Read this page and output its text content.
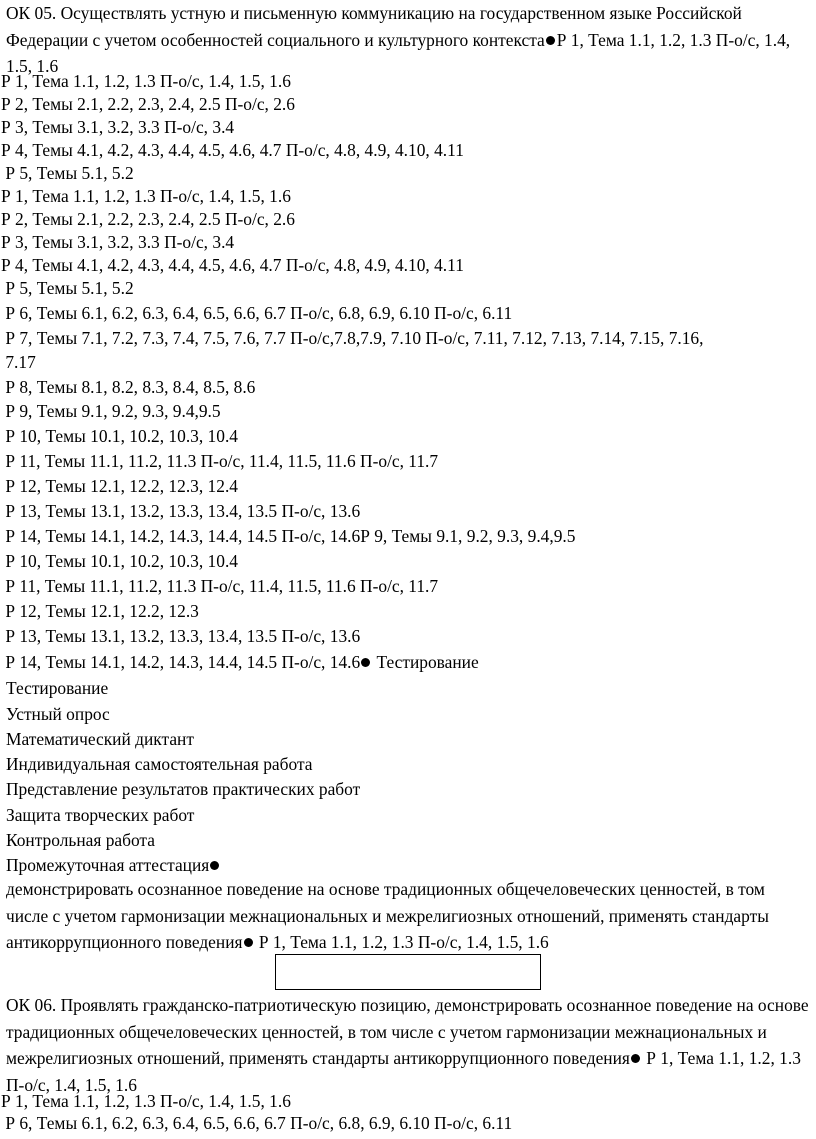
ОК 05. Осуществлять устную и письменную коммуникацию на государственном языке Российской Федерации с учетом особенностей социального и культурного контекста Р 1, Тема 1.1, 1.2, 1.3 П-о/с, 1.4, 1.5, 1.6
Р 1, Тема 1.1, 1.2, 1.3 П-о/с, 1.4, 1.5, 1.6
Р 2, Темы 2.1, 2.2, 2.3, 2.4, 2.5 П-о/с, 2.6
Р 3, Темы 3.1, 3.2, 3.3 П-о/с, 3.4
Р 4, Темы 4.1, 4.2, 4.3, 4.4, 4.5, 4.6, 4.7 П-о/с, 4.8, 4.9, 4.10, 4.11
Р 5, Темы 5.1, 5.2
Р 1, Тема 1.1, 1.2, 1.3 П-о/с, 1.4, 1.5, 1.6
Р 2, Темы 2.1, 2.2, 2.3, 2.4, 2.5 П-о/с, 2.6
Р 3, Темы 3.1, 3.2, 3.3 П-о/с, 3.4
Р 4, Темы 4.1, 4.2, 4.3, 4.4, 4.5, 4.6, 4.7 П-о/с, 4.8, 4.9, 4.10, 4.11
Р 5, Темы 5.1, 5.2
Р 6, Темы 6.1, 6.2, 6.3, 6.4, 6.5, 6.6, 6.7 П-о/с, 6.8, 6.9, 6.10 П-о/с, 6.11
Р 7, Темы 7.1, 7.2, 7.3, 7.4, 7.5, 7.6, 7.7 П-о/с,7.8,7.9, 7.10 П-о/с, 7.11, 7.12, 7.13, 7.14, 7.15, 7.16,
7.17
Р 8, Темы 8.1, 8.2, 8.3, 8.4, 8.5, 8.6
Р 9, Темы 9.1, 9.2, 9.3, 9.4,9.5
Р 10, Темы 10.1, 10.2, 10.3, 10.4
Р 11, Темы 11.1, 11.2, 11.3 П-о/с, 11.4, 11.5, 11.6 П-о/с, 11.7
Р 12, Темы 12.1, 12.2, 12.3, 12.4
Р 13, Темы 13.1, 13.2, 13.3, 13.4, 13.5 П-о/с, 13.6
Р 14, Темы 14.1, 14.2, 14.3, 14.4, 14.5 П-о/с, 14.6Р 9, Темы 9.1, 9.2, 9.3, 9.4,9.5
Р 10, Темы 10.1, 10.2, 10.3, 10.4
Р 11, Темы 11.1, 11.2, 11.3 П-о/с, 11.4, 11.5, 11.6 П-о/с, 11.7
Р 12, Темы 12.1, 12.2, 12.3
Р 13, Темы 13.1, 13.2, 13.3, 13.4, 13.5 П-о/с, 13.6
Р 14, Темы 14.1, 14.2, 14.3, 14.4, 14.5 П-о/с, 14.6 Тестирование
Тестирование
Устный опрос
Математический диктант
Индивидуальная самостоятельная работа
Представление результатов практических работ
Защита творческих работ
Контрольная работа
Промежуточная аттестация
демонстрировать осознанное поведение на основе традиционных общечеловеческих ценностей, в том числе с учетом гармонизации межнациональных и межрелигиозных отношений, применять стандарты антикоррупционного поведения Р 1, Тема 1.1, 1.2, 1.3 П-о/с, 1.4, 1.5, 1.6
ОК 06. Проявлять гражданско-патриотическую позицию, демонстрировать осознанное поведение на основе традиционных общечеловеческих ценностей, в том числе с учетом гармонизации межнациональных и межрелигиозных отношений, применять стандарты антикоррупционного поведения Р 1, Тема 1.1, 1.2, 1.3 П-о/с, 1.4, 1.5, 1.6
Р 1, Тема 1.1, 1.2, 1.3 П-о/с, 1.4, 1.5, 1.6
Р 6, Темы 6.1, 6.2, 6.3, 6.4, 6.5, 6.6, 6.7 П-о/с, 6.8, 6.9, 6.10 П-о/с, 6.11
